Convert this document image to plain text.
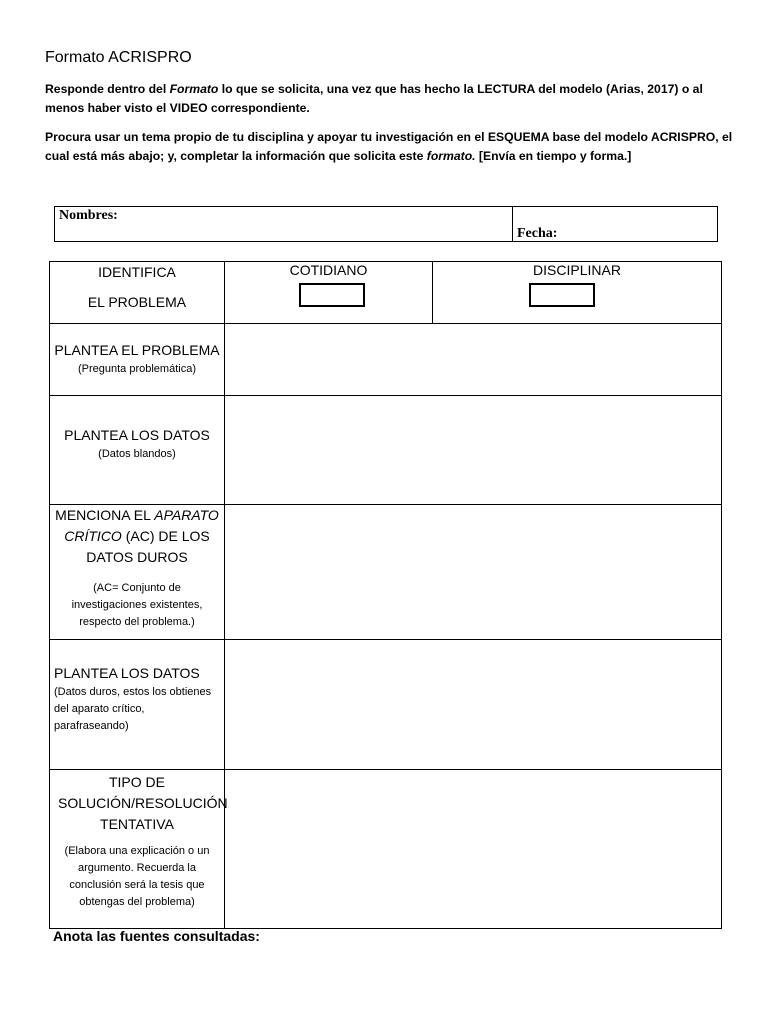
Formato ACRISPRO
Responde dentro del Formato lo que se solicita, una vez que has hecho la LECTURA del modelo (Arias, 2017) o al menos haber visto el VIDEO correspondiente.
Procura usar un tema propio de tu disciplina y apoyar tu investigación en el ESQUEMA base del modelo ACRISPRO, el cual está más abajo; y, completar la información que solicita este formato. [Envía en tiempo y forma.]
Nombres:
Fecha:
IDENTIFICA
EL PROBLEMA
COTIDIANO	DISCIPLINAR
PLANTEA EL PROBLEMA
(Pregunta problemática)
PLANTEA LOS DATOS
(Datos blandos)
MENCIONA EL APARATO
CRÍTICO (AC) DE LOS
DATOS DUROS
(AC= Conjunto de investigaciones existentes, respecto del problema.)
PLANTEA LOS DATOS
(Datos duros, estos los obtienes del aparato crítico, parafraseando)
TIPO DE SOLUCIÓN/RESOLUCIÓN TENTATIVA
(Elabora una explicación o un argumento. Recuerda la conclusión será la tesis que obtengas del problema)
Anota las fuentes consultadas:
